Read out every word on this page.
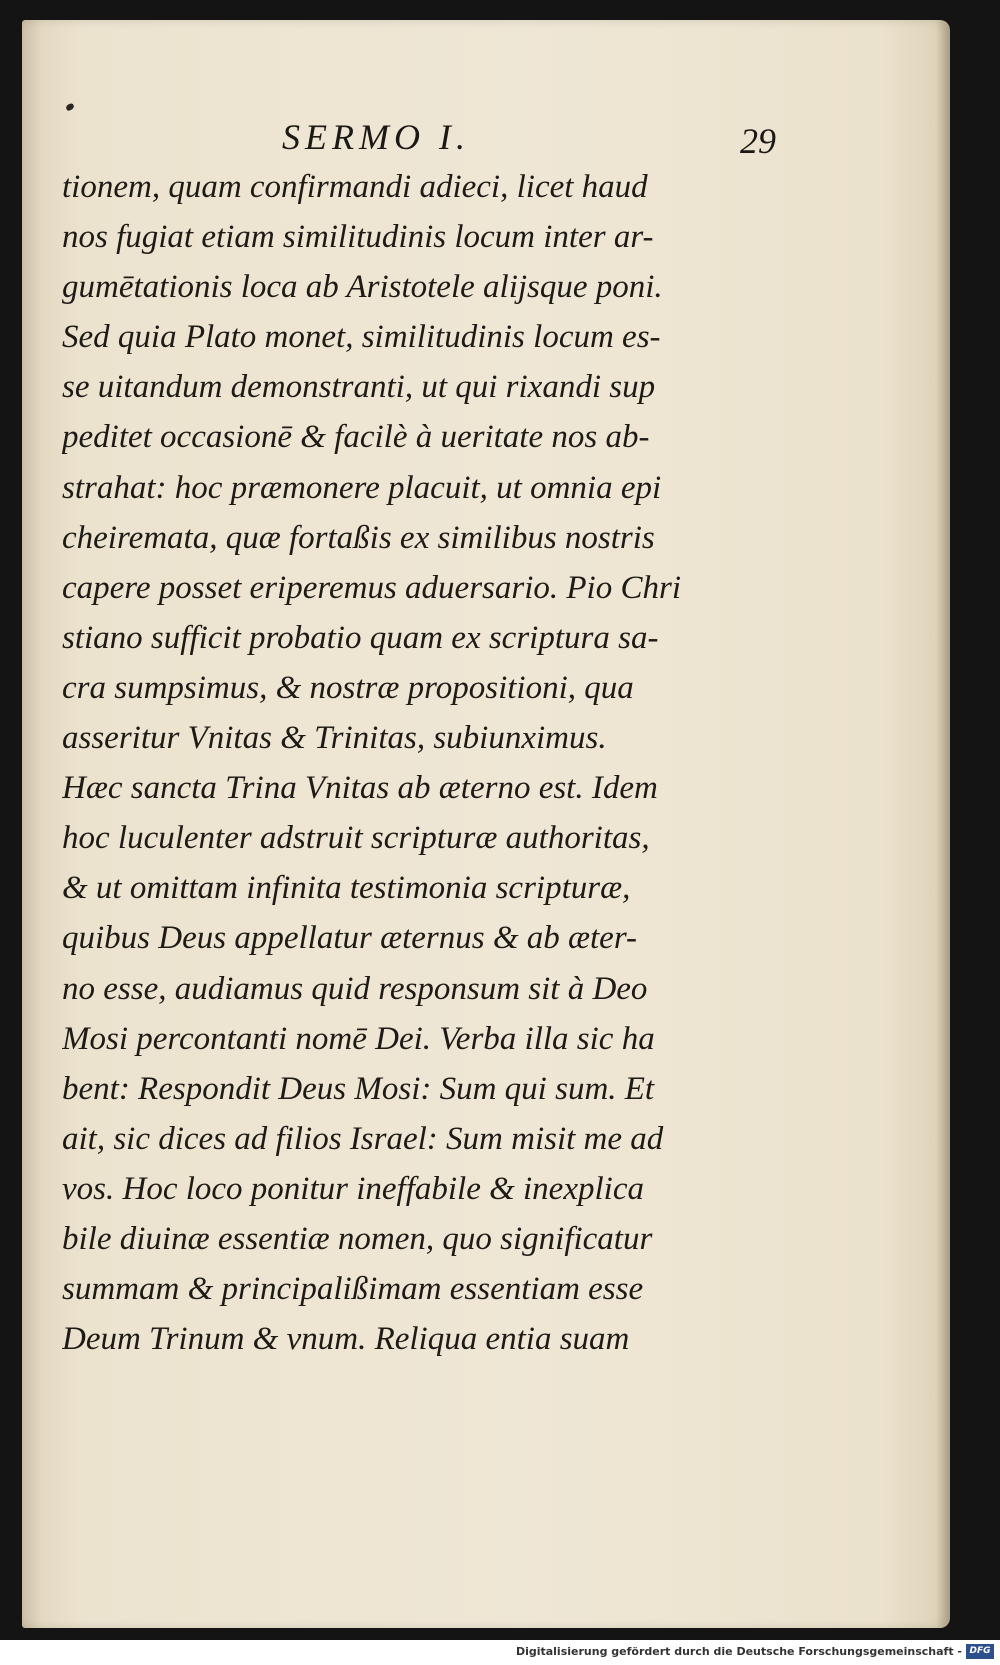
SERMO I.	29
tionem, quam confirmandi adieci, licet haud
nos fugiat etiam similitudinis locum inter ar-
gumētationis loca ab Aristotele alijsque poni.
Sed quia Plato monet, similitudinis locum es-
se uitandum demonstranti, ut qui rixandi sup
peditet occasionē & facilè à ueritate nos ab-
strahat: hoc præmonere placuit, ut omnia epi
cheiremata, quæ fortaßis ex similibus nostris
capere posset eriperemus aduersario. Pio Chri
stiano sufficit probatio quam ex scriptura sa-
cra sumpsimus, & nostræ propositioni, qua
asseritur Vnitas & Trinitas, subiunximus.
Hæc sancta Trina Vnitas ab æterno est. Idem
hoc luculenter adstruit scripturæ authoritas,
& ut omittam infinita testimonia scripturæ,
quibus Deus appellatur æternus & ab æter-
no esse, audiamus quid responsum sit à Deo
Mosi percontanti nomē Dei. Verba illa sic ha
bent: Respondit Deus Mosi: Sum qui sum. Et
ait, sic dices ad filios Israel: Sum misit me ad
vos. Hoc loco ponitur ineffabile & inexplica
bile diuinæ essentiæ nomen, quo significatur
summam & principalißimam essentiam esse
Deum Trinum & vnum. Reliqua entia suam
Digitalisierung gefördert durch die Deutsche Forschungsgemeinschaft - DFG
